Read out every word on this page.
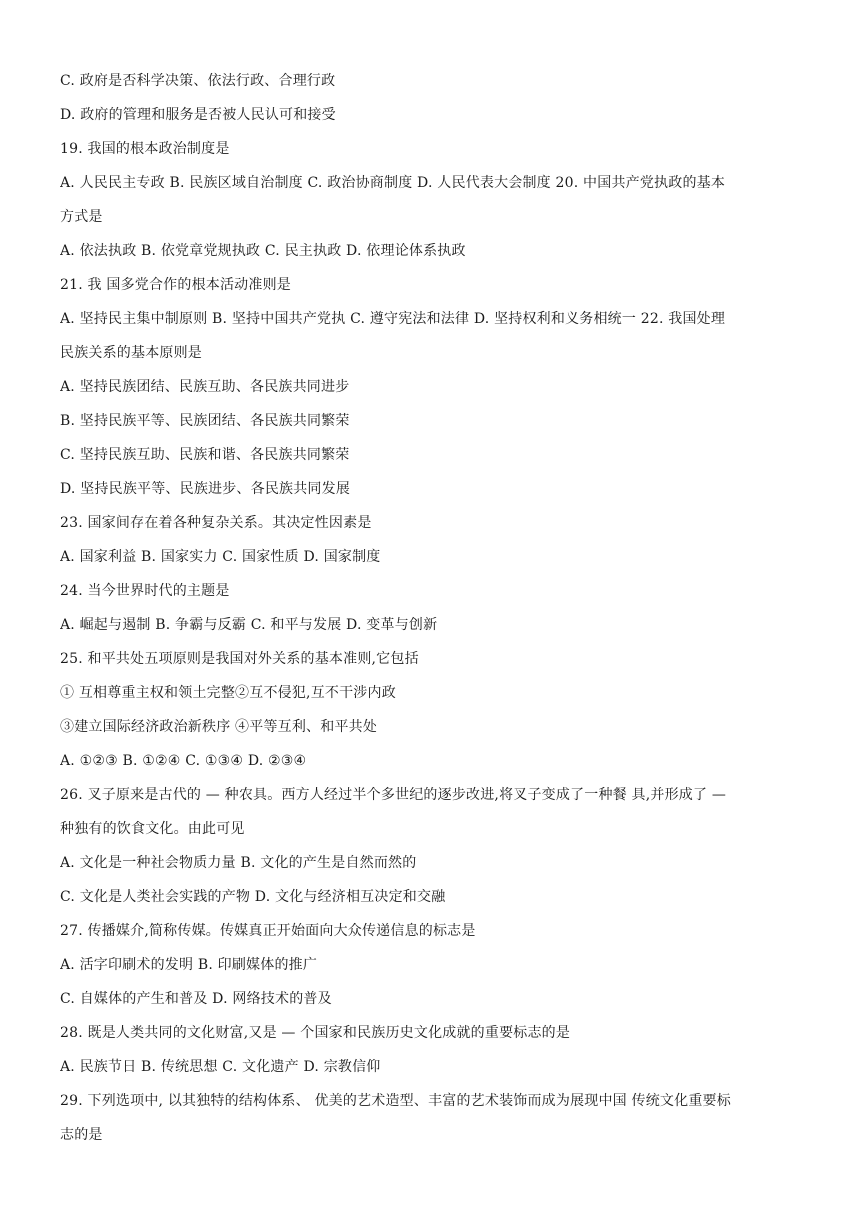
C. 政府是否科学决策、依法行政、合理行政
D. 政府的管理和服务是否被人民认可和接受
19. 我国的根本政治制度是
A. 人民民主专政 B. 民族区域自治制度 C. 政治协商制度 D. 人民代表大会制度 20. 中国共产党执政的基本
方式是
A. 依法执政 B. 依党章党规执政 C. 民主执政 D. 依理论体系执政
21. 我 国多党合作的根本活动准则是
A. 坚持民主集中制原则 B. 坚持中国共产党执 C. 遵守宪法和法律 D. 坚持权利和义务相统一 22. 我国处理
民族关系的基本原则是
A. 坚持民族团结、民族互助、各民族共同进步
B. 坚持民族平等、民族团结、各民族共同繁荣
C. 坚持民族互助、民族和谐、各民族共同繁荣
D. 坚持民族平等、民族进步、各民族共同发展
23. 国家间存在着各种复杂关系。其决定性因素是
A. 国家利益 B. 国家实力 C. 国家性质 D. 国家制度
24. 当今世界时代的主题是
A. 崛起与遏制 B. 争霸与反霸 C. 和平与发展 D. 变革与创新
25. 和平共处五项原则是我国对外关系的基本准则,它包括
① 互相尊重主权和领土完整②互不侵犯,互不干涉内政
③建立国际经济政治新秩序 ④平等互利、和平共处
A. ①②③ B. ①②④ C. ①③④ D. ②③④
26. 叉子原来是古代的 — 种农具。西方人经过半个多世纪的逐步改进,将叉子变成了一种餐 具,并形成了 —
种独有的饮食文化。由此可见
A. 文化是一种社会物质力量 B. 文化的产生是自然而然的
C. 文化是人类社会实践的产物 D. 文化与经济相互决定和交融
27. 传播媒介,简称传媒。传媒真正开始面向大众传递信息的标志是
A. 活字印刷术的发明 B. 印刷媒体的推广
C. 自媒体的产生和普及 D. 网络技术的普及
28. 既是人类共同的文化财富,又是 — 个国家和民族历史文化成就的重要标志的是
A. 民族节日 B. 传统思想 C. 文化遗产 D. 宗教信仰
29. 下列选项中, 以其独特的结构体系、 优美的艺术造型、丰富的艺术装饰而成为展现中国 传统文化重要标
志的是
